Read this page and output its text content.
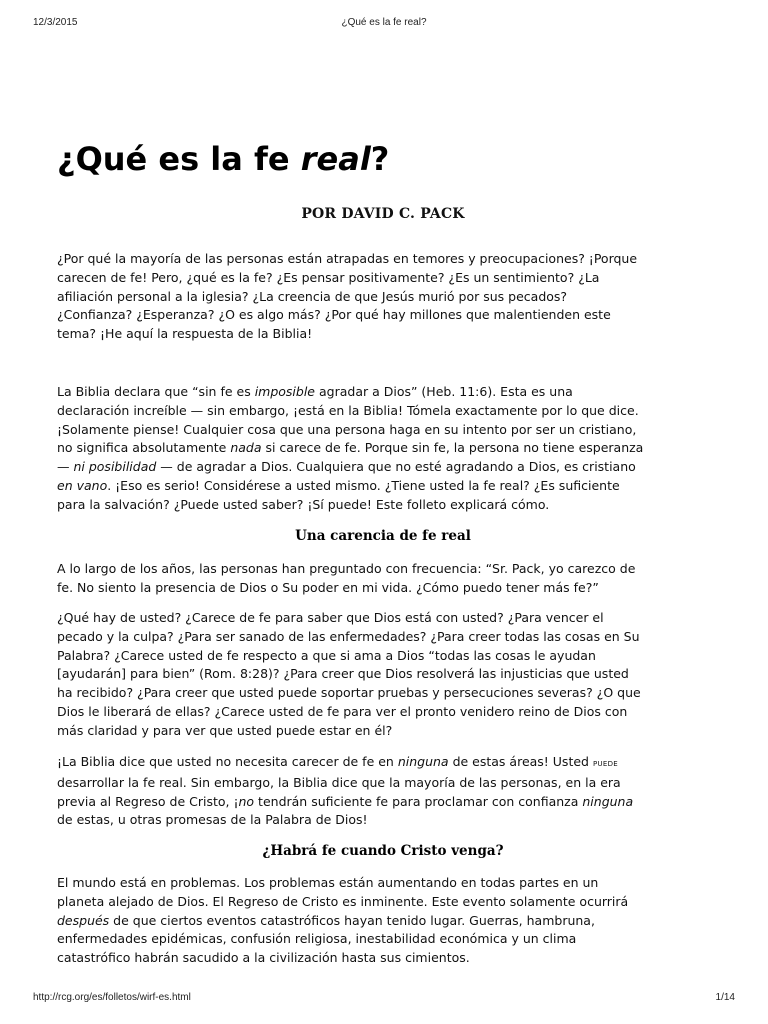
12/3/2015	¿Qué es la fe real?
¿Qué es la fe real?
POR DAVID C. PACK
¿Por qué la mayoría de las personas están atrapadas en temores y preocupaciones? ¡Porque
carecen de fe! Pero, ¿qué es la fe? ¿Es pensar positivamente? ¿Es un sentimiento? ¿La
afiliación personal a la iglesia? ¿La creencia de que Jesús murió por sus pecados?
¿Confianza? ¿Esperanza? ¿O es algo más? ¿Por qué hay millones que malentienden este
tema? ¡He aquí la respuesta de la Biblia!
La Biblia declara que “sin fe es imposible agradar a Dios” (Heb. 11:6). Esta es una
declaración increíble — sin embargo, ¡está en la Biblia! Tómela exactamente por lo que dice.
¡Solamente piense! Cualquier cosa que una persona haga en su intento por ser un cristiano,
no significa absolutamente nada si carece de fe. Porque sin fe, la persona no tiene esperanza
— ni posibilidad — de agradar a Dios. Cualquiera que no esté agradando a Dios, es cristiano
en vano. ¡Eso es serio! Considérese a usted mismo. ¿Tiene usted la fe real? ¿Es suficiente
para la salvación? ¿Puede usted saber? ¡Sí puede! Este folleto explicará cómo.
Una carencia de fe real
A lo largo de los años, las personas han preguntado con frecuencia: “Sr. Pack, yo carezco de
fe. No siento la presencia de Dios o Su poder en mi vida. ¿Cómo puedo tener más fe?”
¿Qué hay de usted? ¿Carece de fe para saber que Dios está con usted? ¿Para vencer el
pecado y la culpa? ¿Para ser sanado de las enfermedades? ¿Para creer todas las cosas en Su
Palabra? ¿Carece usted de fe respecto a que si ama a Dios “todas las cosas le ayudan
[ayudarán] para bien” (Rom. 8:28)? ¿Para creer que Dios resolverá las injusticias que usted
ha recibido? ¿Para creer que usted puede soportar pruebas y persecuciones severas? ¿O que
Dios le liberará de ellas? ¿Carece usted de fe para ver el pronto venidero reino de Dios con
más claridad y para ver que usted puede estar en él?
¡La Biblia dice que usted no necesita carecer de fe en ninguna de estas áreas! Usted PUEDE
desarrollar la fe real. Sin embargo, la Biblia dice que la mayoría de las personas, en la era
previa al Regreso de Cristo, ¡no tendrán suficiente fe para proclamar con confianza ninguna
de estas, u otras promesas de la Palabra de Dios!
¿Habrá fe cuando Cristo venga?
El mundo está en problemas. Los problemas están aumentando en todas partes en un
planeta alejado de Dios. El Regreso de Cristo es inminente. Este evento solamente ocurrirá
después de que ciertos eventos catastróficos hayan tenido lugar. Guerras, hambruna,
enfermedades epidémicas, confusión religiosa, inestabilidad económica y un clima
catastrófico habrán sacudido a la civilización hasta sus cimientos.
http://rcg.org/es/folletos/wirf-es.html	1/14
